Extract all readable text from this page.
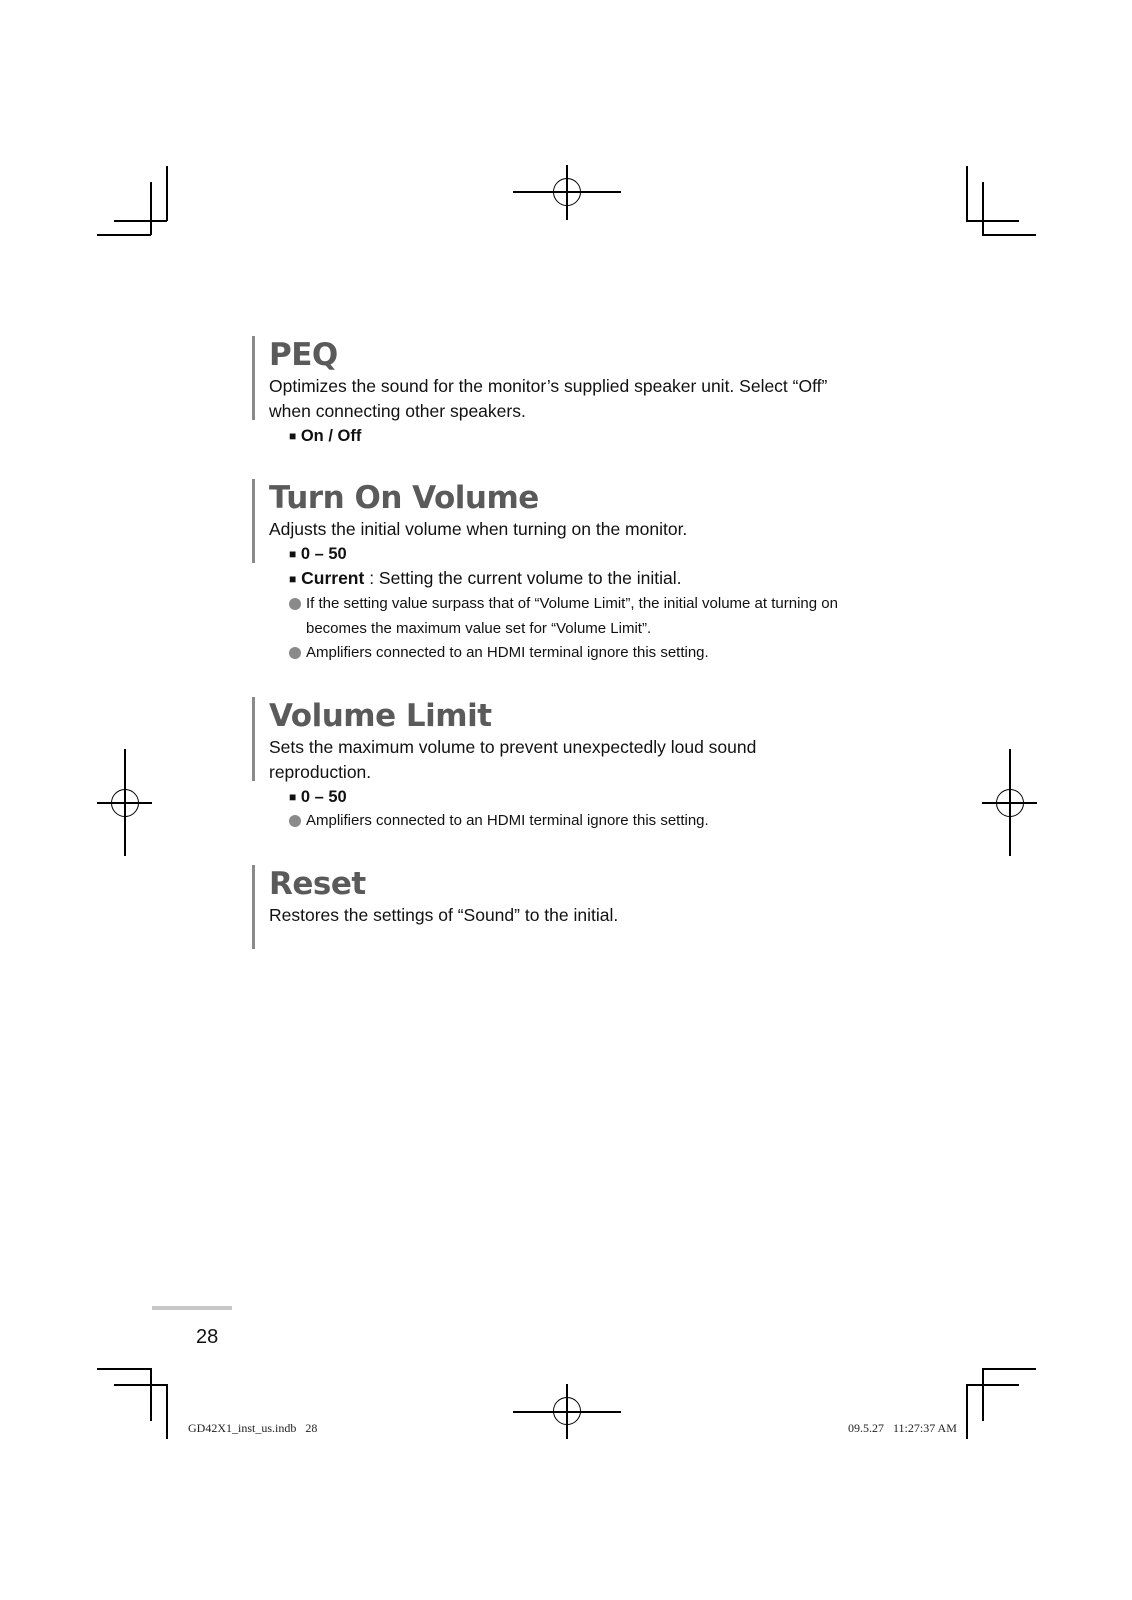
PEQ

Optimizes the sound for the monitor’s supplied speaker unit. Select “Off” when connecting other speakers.

■ On / Off
Turn On Volume

Adjusts the initial volume when turning on the monitor.

■ 0 – 50
■ Current : Setting the current volume to the initial.
If the setting value surpass that of “Volume Limit”, the initial volume at turning on becomes the maximum value set for “Volume Limit”.
Amplifiers connected to an HDMI terminal ignore this setting.
Volume Limit

Sets the maximum volume to prevent unexpectedly loud sound reproduction.

■ 0 – 50
Amplifiers connected to an HDMI terminal ignore this setting.
Reset

Restores the settings of “Sound” to the initial.

28
GD42X1_inst_us.indb   28	09.5.27   11:27:37 AM
